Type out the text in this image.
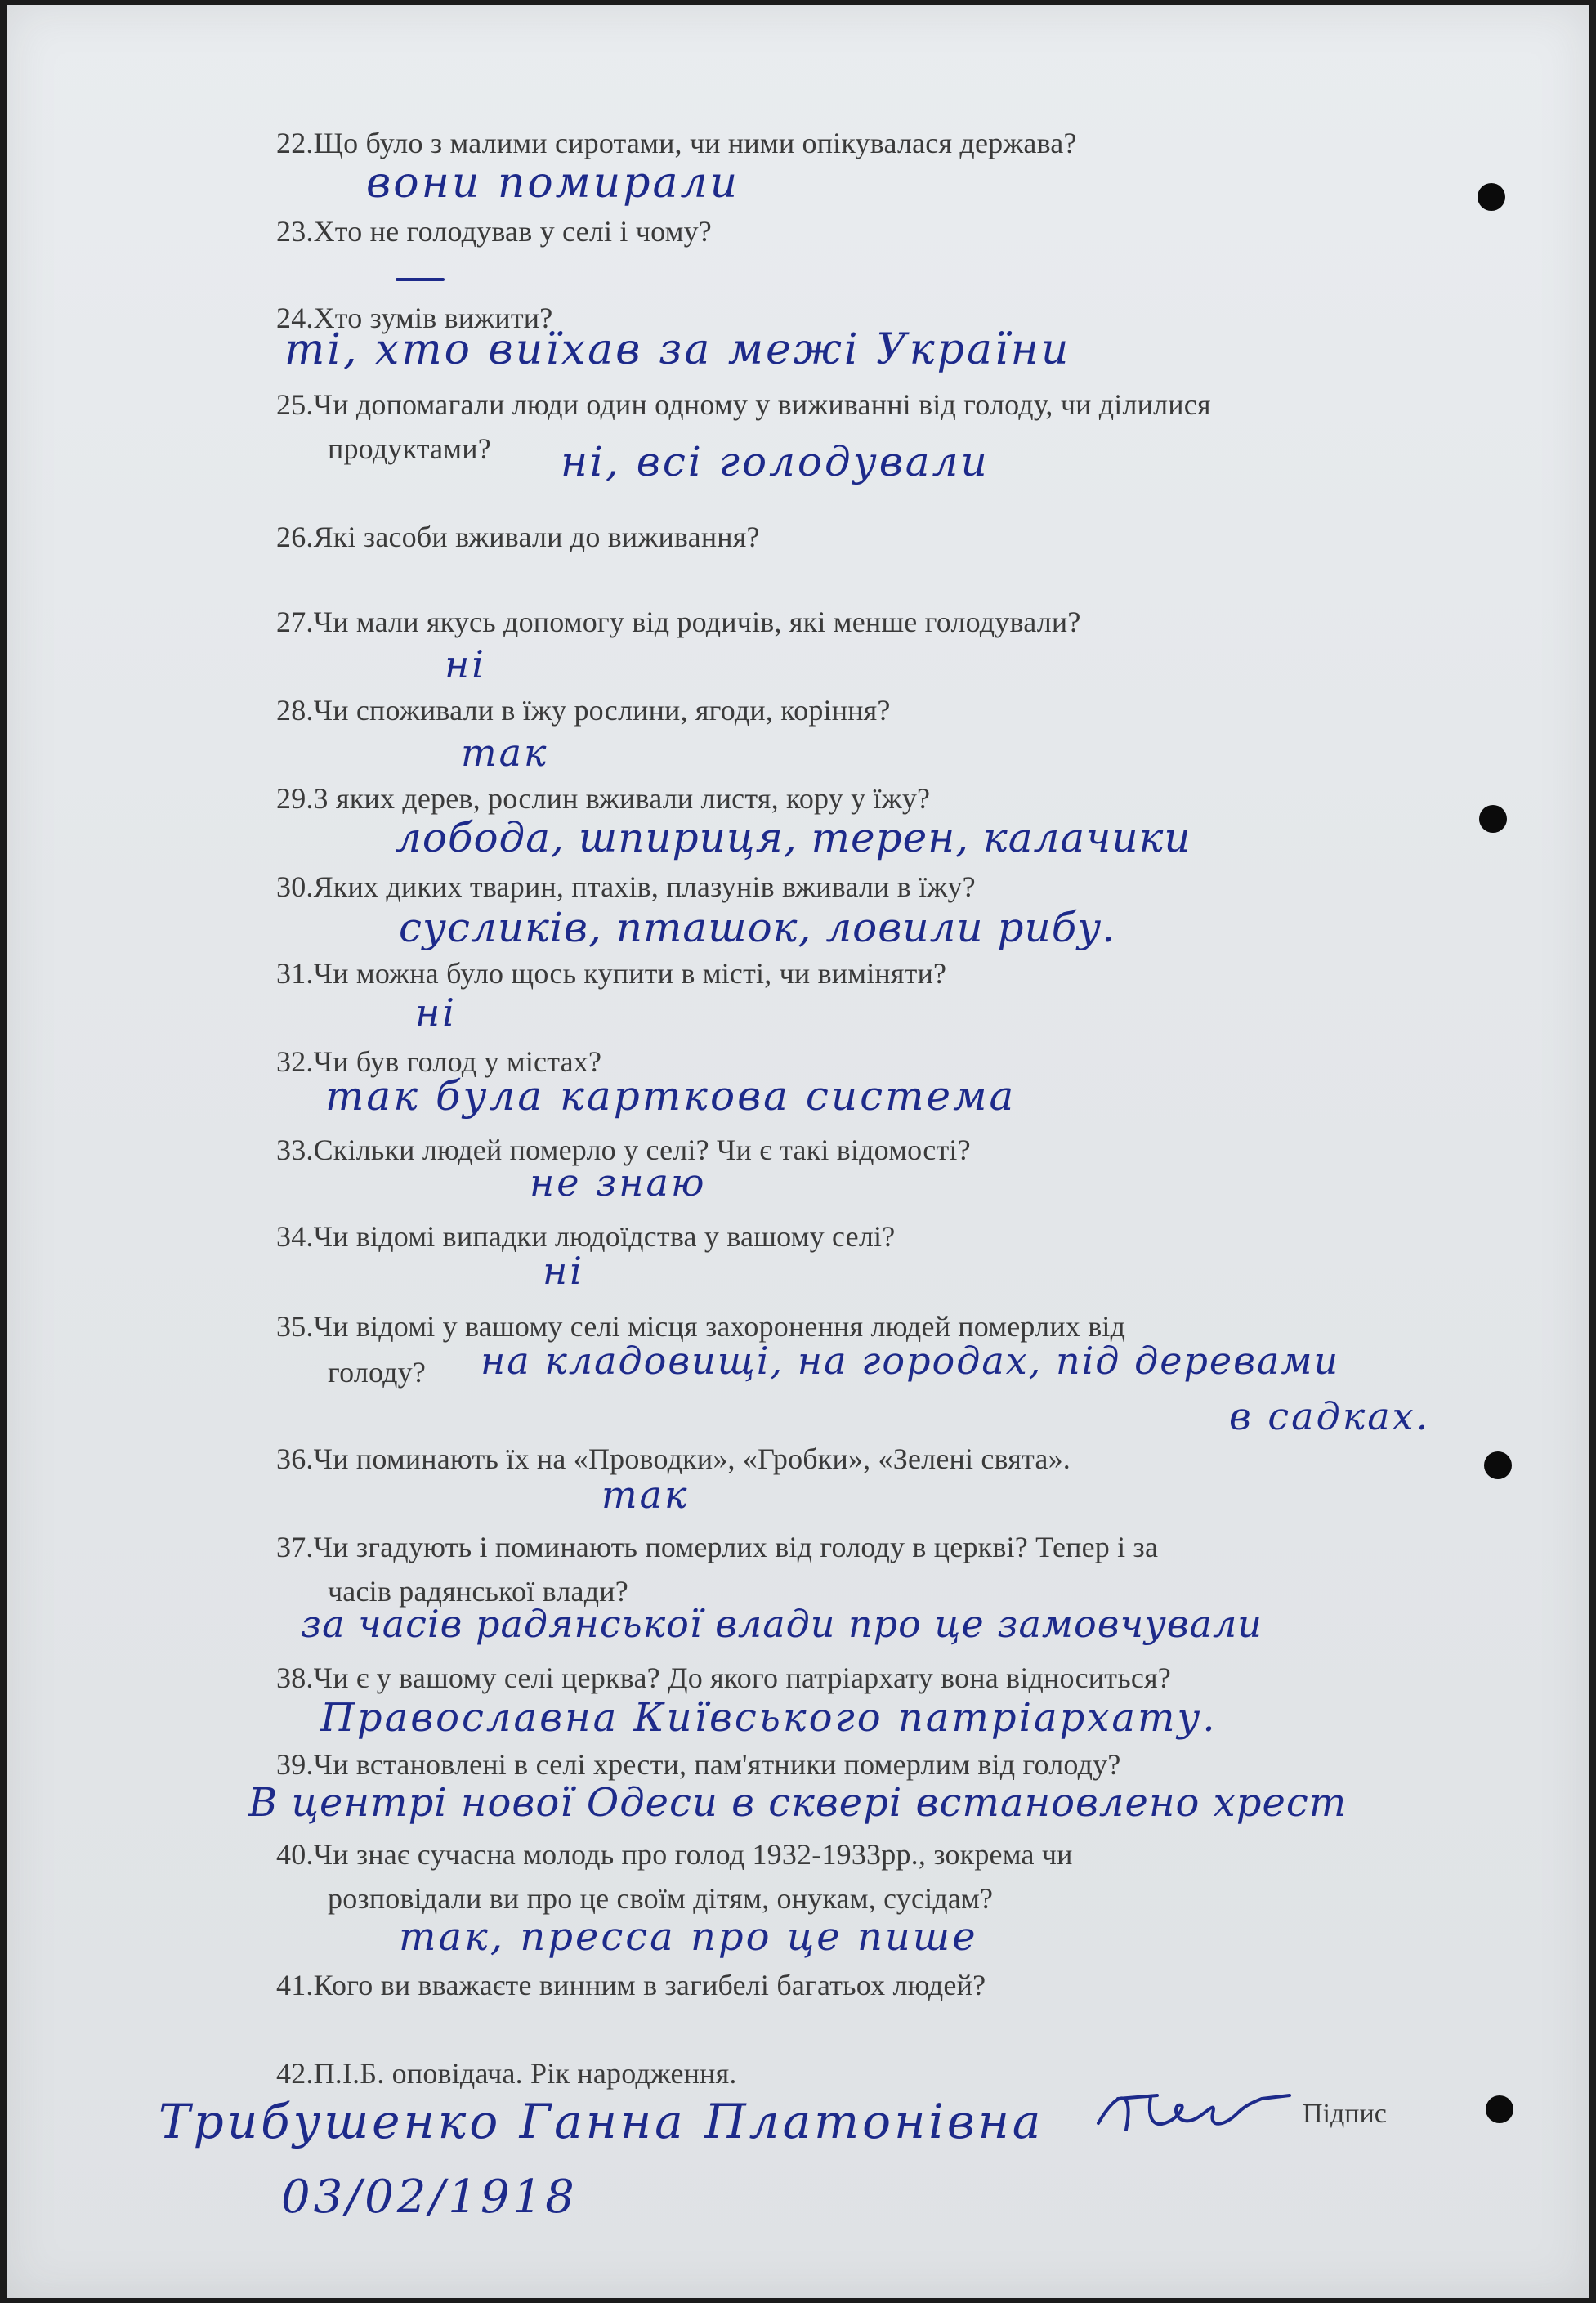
22.Що було з малими сиротами, чи ними опікувалася держава?
23.Хто не голодував у селі і чому?
24.Хто зумів вижити?
25.Чи допомагали люди один одному у виживанні від голоду, чи ділилися
продуктами?
26.Які засоби вживали до виживання?
27.Чи мали якусь допомогу від родичів, які менше голодували?
28.Чи споживали в їжу рослини, ягоди, коріння?
29.З яких дерев, рослин вживали листя, кору у їжу?
30.Яких диких тварин, птахів, плазунів вживали в їжу?
31.Чи можна було щось купити в місті, чи виміняти?
32.Чи був голод у містах?
33.Скільки людей померло у селі? Чи є такі відомості?
34.Чи відомі випадки людоїдства у вашому селі?
35.Чи відомі у вашому селі місця захоронення людей померлих від
голоду?
36.Чи поминають їх на «Проводки», «Гробки», «Зелені свята».
37.Чи згадують і поминають померлих від голоду в церкві? Тепер і за
часів радянської влади?
38.Чи є у вашому селі церква? До якого патріархату вона відноситься?
39.Чи встановлені в селі хрести, пам'ятники померлим від голоду?
40.Чи знає сучасна молодь про голод 1932-1933рр., зокрема чи
розповідали ви про це своїм дітям, онукам, сусідам?
41.Кого ви вважаєте винним в загибелі багатьох людей?
42.П.І.Б. оповідача. Рік народження.
вони помирали
ті, хто виїхав за межі України
ні, всі голодували
ні
так
лобода, шпириця, терен, калачики
сусликів, пташок, ловили рибу.
ні
так була карткова система
не знаю
ні
на кладовищі, на городах, під деревами
в садках.
так
за часів радянської влади про це замовчували
Православна Київського патріархату.
В центрі нової Одеси в сквері встановлено хрест
так, пресса про це пише
Трибушенко Ганна Платонівна
03/02/1918
Підпис
